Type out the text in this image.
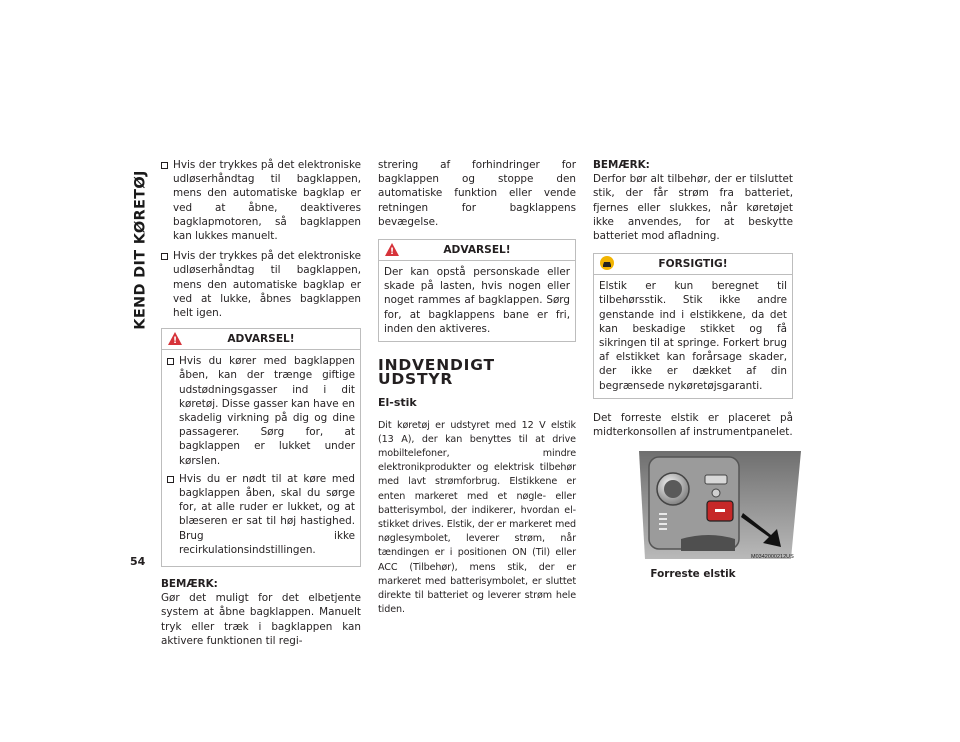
KEND DIT KØRETØJ
Hvis der trykkes på det elektroniske udløserhåndtag til bagklappen, mens den automatiske bagklap er ved at åbne, deaktiveres bagklapmotoren, så bagklappen kan lukkes manuelt.
Hvis der trykkes på det elektroniske udløserhåndtag til bagklappen, mens den automatiske bagklap er ved at lukke, åbnes bagklappen helt igen.
!
ADVARSEL!
Hvis du kører med bagklappen åben, kan der trænge giftige udstødningsgasser ind i dit køretøj. Disse gasser kan have en skadelig virkning på dig og dine passagerer. Sørg for, at bagklappen er lukket under kørslen.
Hvis du er nødt til at køre med bagklappen åben, skal du sørge for, at alle ruder er lukket, og at blæseren er sat til høj hastighed. Brug ikke recirkulationsindstillingen.
BEMÆRK:

Gør det muligt for det elbetjente system at åbne bagklappen. Manuelt tryk eller træk i bagklappen kan aktivere funktionen til regi-

strering af forhindringer for bagklappen og stoppe den automatiske funktion eller vende retningen for bagklappens bevægelse.

!
ADVARSEL!
Der kan opstå personskade eller skade på lasten, hvis nogen eller noget rammes af bagklappen. Sørg for, at bagklappens bane er fri, inden den aktiveres.
INDVENDIGT UDSTYR
El-stik

Dit køretøj er udstyret med 12 V elstik (13 A), der kan benyttes til at drive mobiltelefoner, mindre elektronikprodukter og elektrisk tilbehør med lavt strømforbrug. Elstikkene er enten markeret med et nøgle- eller batterisymbol, der indikerer, hvordan el-stikket drives. Elstik, der er markeret med nøglesymbolet, leverer strøm, når tændingen er i positionen ON (Til) eller ACC (Tilbehør), mens stik, der er markeret med batterisymbolet, er sluttet direkte til batteriet og leverer strøm hele tiden.

BEMÆRK:

Derfor bør alt tilbehør, der er tilsluttet stik, der får strøm fra batteriet, fjernes eller slukkes, når køretøjet ikke anvendes, for at beskytte batteriet mod afladning.

FORSIGTIG!
Elstik er kun beregnet til tilbehørsstik. Stik ikke andre genstande ind i elstikkene, da det kan beskadige stikket og få sikringen til at springe. Forkert brug af elstikket kan forårsage skader, der ikke er dækket af din begrænsede nykøretøjsgaranti.

Det forreste elstik er placeret på midterkonsollen af instrumentpanelet.

M0342000212US
Forreste elstik
54
